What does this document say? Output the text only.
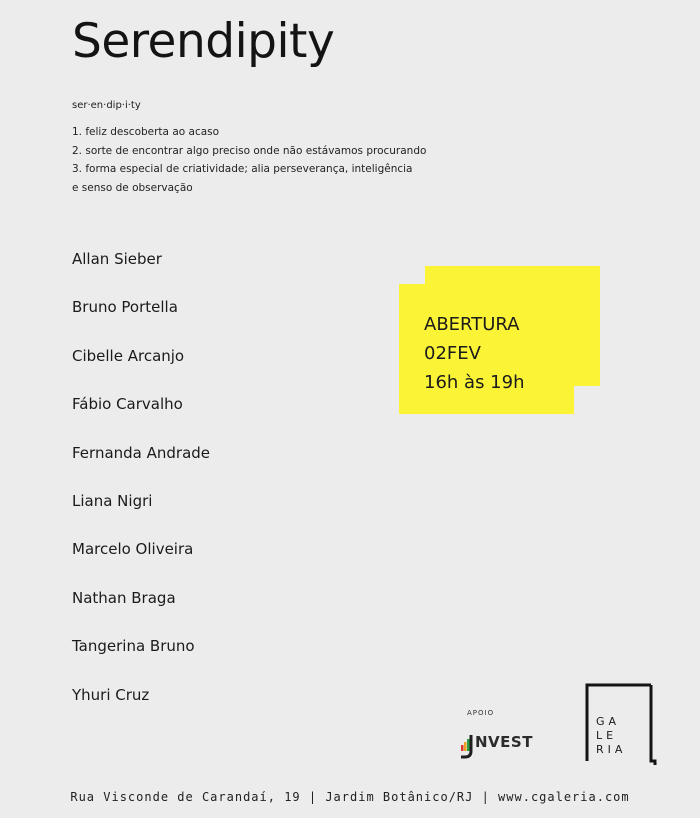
Serendipity
ser·en·dip·i·ty
1. feliz descoberta ao acaso
2. sorte de encontrar algo preciso onde não estávamos procurando
3. forma especial de criatividade; alia perseverança, inteligência
e senso de observação
Allan Sieber
Bruno Portella
Cibelle Arcanjo
Fábio Carvalho
Fernanda Andrade
Liana Nigri
Marcelo Oliveira
Nathan Braga
Tangerina Bruno
Yhuri Cruz
ABERTURA
02FEV
16h às 19h
APOIO
NVEST
GA
LE
RIA
Rua Visconde de Carandaí, 19 | Jardim Botânico/RJ | www.cgaleria.com
